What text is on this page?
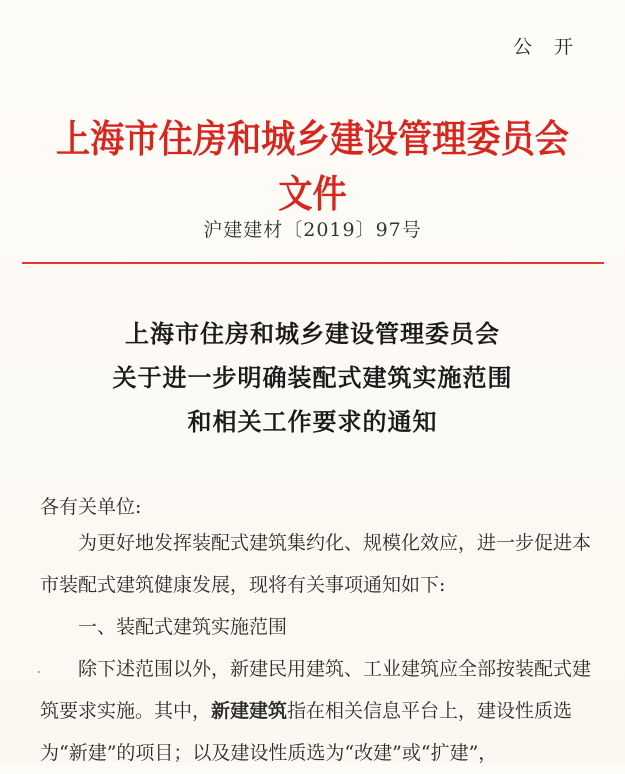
公 开
上海市住房和城乡建设管理委员会文件
沪建建材〔2019〕97号
上海市住房和城乡建设管理委员会
关于进一步明确装配式建筑实施范围
和相关工作要求的通知
各有关单位:
为更好地发挥装配式建筑集约化、规模化效应，进一步促进本市装配式建筑健康发展，现将有关事项通知如下:
一、装配式建筑实施范围
除下述范围以外，新建民用建筑、工业建筑应全部按装配式建筑要求实施。其中，新建建筑指在相关信息平台上，建设性质选为“新建”的项目；以及建设性质选为“改建”或“扩建”，
